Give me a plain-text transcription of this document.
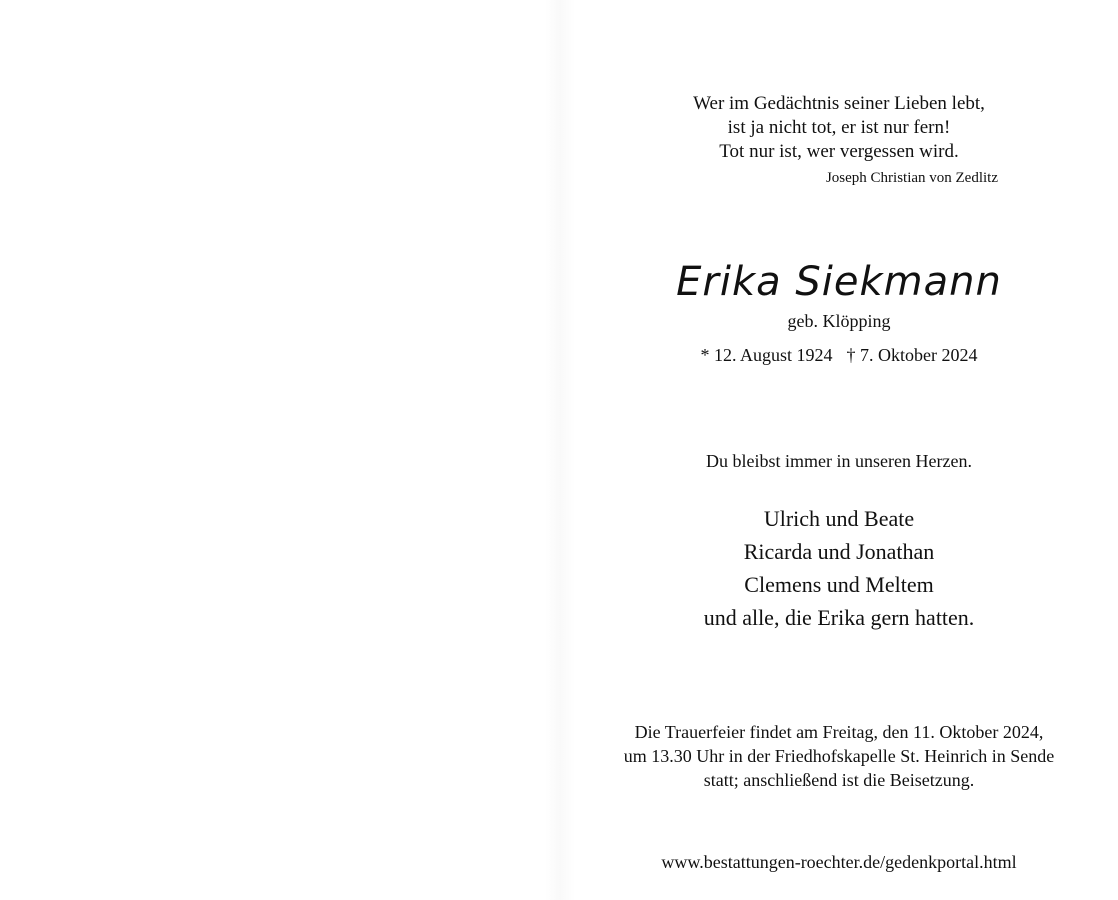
Wer im Gedächtnis seiner Lieben lebt,
ist ja nicht tot, er ist nur fern!
Tot nur ist, wer vergessen wird.
Joseph Christian von Zedlitz
Erika Siekmann
geb. Klöpping
* 12. August 1924 † 7. Oktober 2024
Du bleibst immer in unseren Herzen.
Ulrich und Beate
Ricarda und Jonathan
Clemens und Meltem
und alle, die Erika gern hatten.
Die Trauerfeier findet am Freitag, den 11. Oktober 2024,
um 13.30 Uhr in der Friedhofskapelle St. Heinrich in Sende
statt; anschließend ist die Beisetzung.
www.bestattungen-roechter.de/gedenkportal.html
